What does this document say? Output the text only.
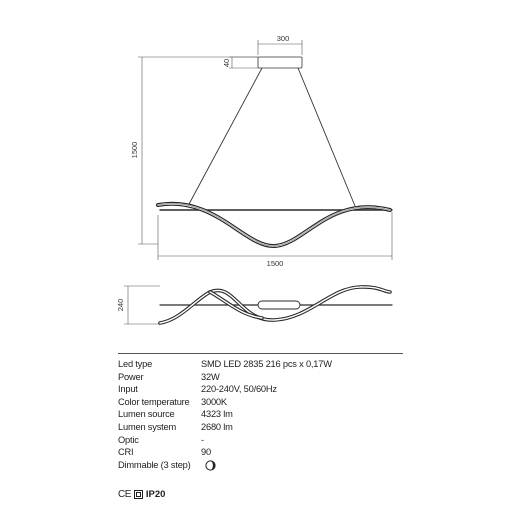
300
40
1500
1500
240
Led type	SMD LED 2835 216 pcs x 0,17W
Power	32W
Input	220-240V, 50/60Hz
Color temperature	3000K
Lumen source	4323 lm
Lumen system	2680 lm
Optic	-
CRI	90
Dimmable (3 step)
CE IP20
